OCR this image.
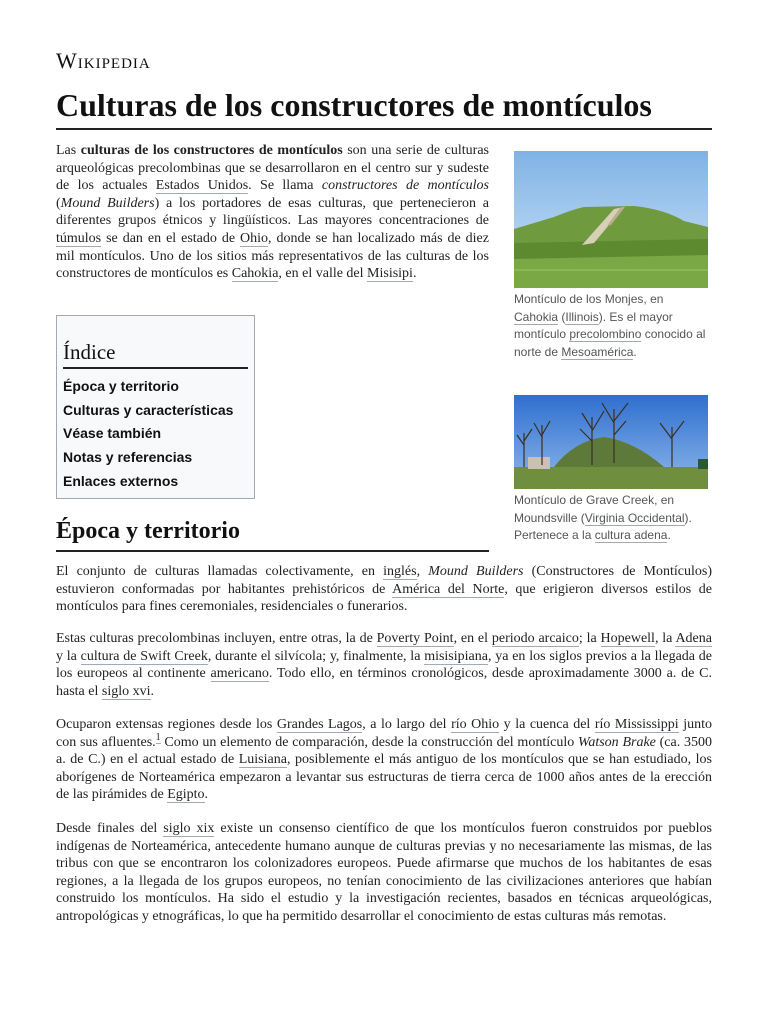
Wikipedia
Culturas de los constructores de montículos

Las culturas de los constructores de montículos son una serie de culturas arqueológicas precolombinas que se desarrollaron en el centro sur y sudeste de los actuales Estados Unidos. Se llama constructores de montículos (Mound Builders) a los portadores de esas culturas, que pertenecieron a diferentes grupos étnicos y lingüísticos. Las mayores concentraciones de túmulos se dan en el estado de Ohio, donde se han localizado más de diez mil montículos. Uno de los sitios más representativos de las culturas de los constructores de montículos es Cahokia, en el valle del Misisipi.

Montículo de los Monjes, en Cahokia (Illinois). Es el mayor montículo precolombino conocido al norte de Mesoamérica.
Montículo de Grave Creek, en Moundsville (Virginia Occidental). Pertenece a la cultura adena.
Índice
Época y territorio
Culturas y características
Véase también
Notas y referencias
Enlaces externos
Época y territorio

El conjunto de culturas llamadas colectivamente, en inglés, Mound Builders (Constructores de Montículos) estuvieron conformadas por habitantes prehistóricos de América del Norte, que erigieron diversos estilos de montículos para fines ceremoniales, residenciales o funerarios.

Estas culturas precolombinas incluyen, entre otras, la de Poverty Point, en el periodo arcaico; la Hopewell, la Adena y la cultura de Swift Creek, durante el silvícola; y, finalmente, la misisipiana, ya en los siglos previos a la llegada de los europeos al continente americano. Todo ello, en términos cronológicos, desde aproximadamente 3000 a. de C. hasta el siglo xvi.

Ocuparon extensas regiones desde los Grandes Lagos, a lo largo del río Ohio y la cuenca del río Mississippi junto con sus afluentes.$^1$ Como un elemento de comparación, desde la construcción del montículo Watson Brake (ca. 3500 a. de C.) en el actual estado de Luisiana, posiblemente el más antiguo de los montículos que se han estudiado, los aborígenes de Norteamérica empezaron a levantar sus estructuras de tierra cerca de 1000 años antes de la erección de las pirámides de Egipto.

Desde finales del siglo xix existe un consenso científico de que los montículos fueron construidos por pueblos indígenas de Norteamérica, antecedente humano aunque de culturas previas y no necesariamente las mismas, de las tribus con que se encontraron los colonizadores europeos. Puede afirmarse que muchos de los habitantes de esas regiones, a la llegada de los grupos europeos, no tenían conocimiento de las civilizaciones anteriores que habían construido los montículos. Ha sido el estudio y la investigación recientes, basados en técnicas arqueológicas, antropológicas y etnográficas, lo que ha permitido desarrollar el conocimiento de estas culturas más remotas.
